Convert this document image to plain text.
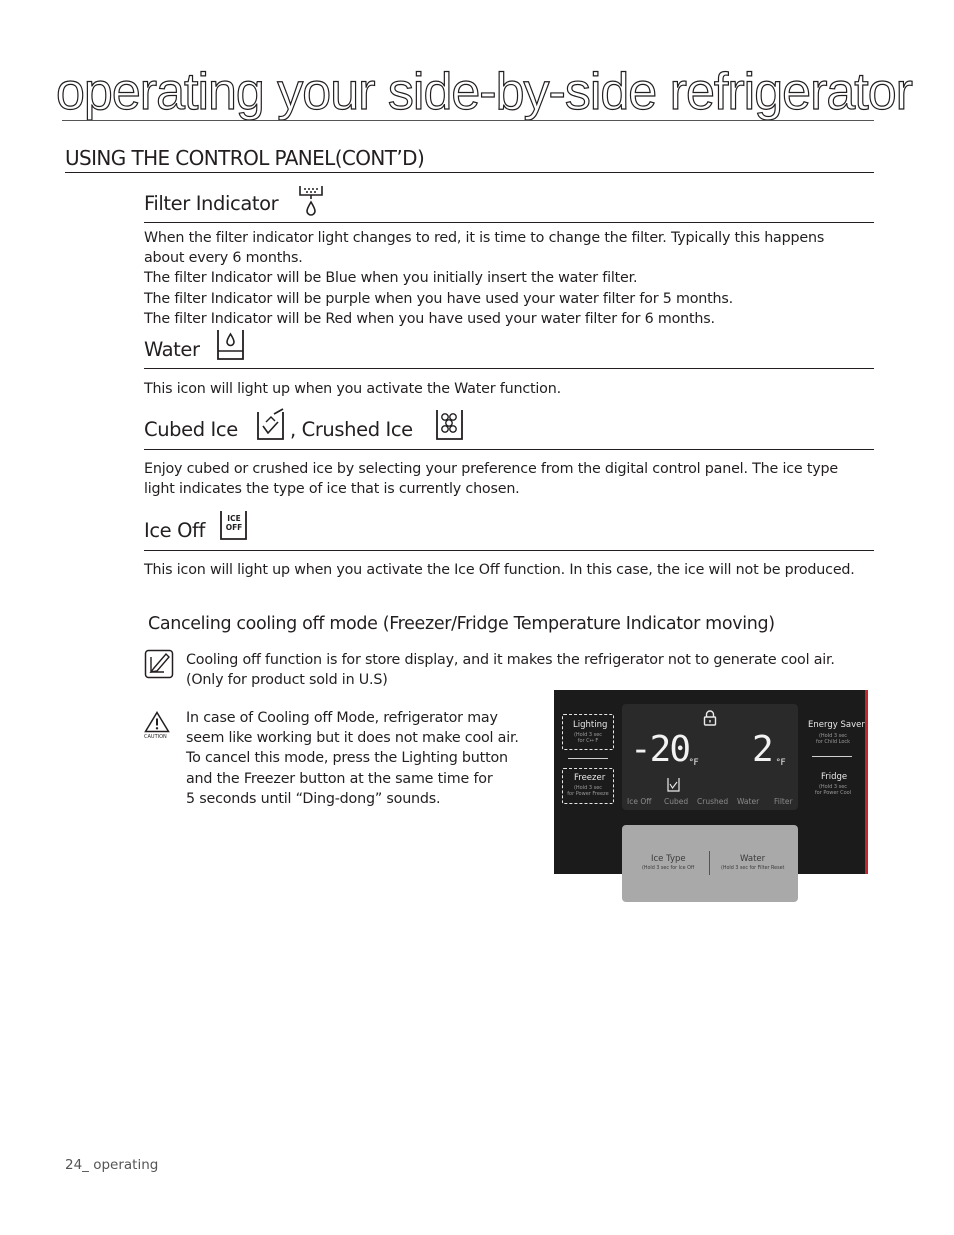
operating your side-by-side refrigerator
USING THE CONTROL PANEL(CONT’D)
Filter Indicator
When the filter indicator light changes to red, it is time to change the filter. Typically this happens
about every 6 months.
The filter Indicator will be Blue when you initially insert the water filter.
The filter Indicator will be purple when you have used your water filter for 5 months.
The filter Indicator will be Red when you have used your water filter for 6 months.
Water
This icon will light up when you activate the Water function.
Cubed Ice	, Crushed Ice
Enjoy cubed or crushed ice by selecting your preference from the digital control panel. The ice type
light indicates the type of ice that is currently chosen.
Ice Off
ICE
OFF
This icon will light up when you activate the Ice Off function. In this case, the ice will not be produced.
Canceling cooling off mode (Freezer/Fridge Temperature Indicator moving)
Cooling off function is for store display, and it makes the refrigerator not to generate cool air.
(Only for product sold in U.S)
CAUTION
In case of Cooling off Mode, refrigerator may
seem like working but it does not make cool air.
To cancel this mode, press the Lighting button
and the Freezer button at the same time for
5 seconds until “Ding-dong” sounds.
Lighting
(Hold 3 sec
for C↔ F
Freezer
(Hold 3 sec
for Power Freeze
-20 °F 2 °F
Ice Off Cubed Crushed Water Filter
Energy Saver
(Hold 3 sec
for Child Lock
Fridge
(Hold 3 sec
for Power Cool
Ice Type
(Hold 3 sec for Ice Off
Water
(Hold 3 sec for Filter Reset
24_ operating
